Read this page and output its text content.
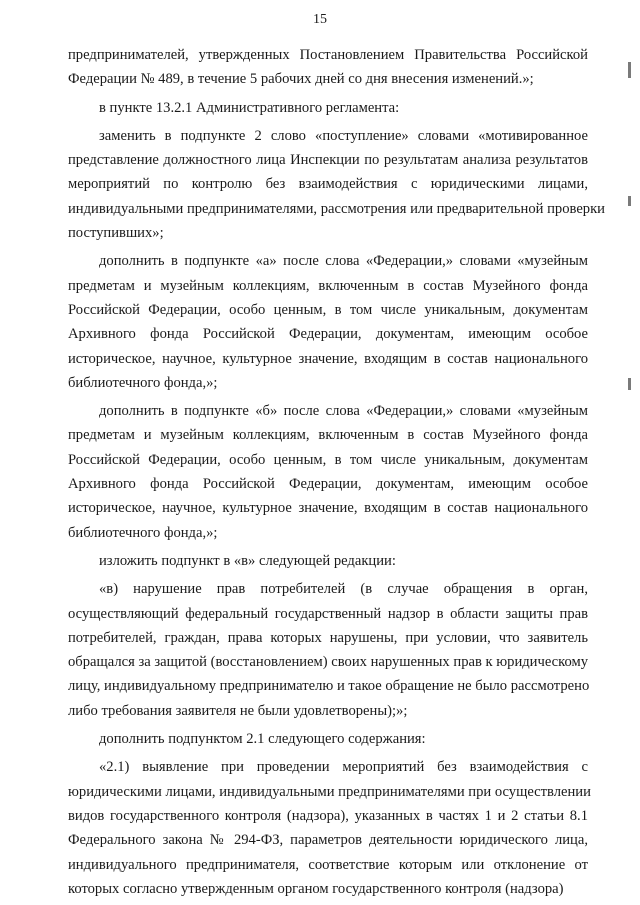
15
предпринимателей, утвержденных Постановлением Правительства Российской
Федерации № 489, в течение 5 рабочих дней со дня внесения изменений.»;
в пункте 13.2.1 Административного регламента:
заменить в подпункте 2 слово «поступление» словами «мотивированное
представление должностного лица Инспекции по результатам анализа результатов
мероприятий по контролю без взаимодействия с юридическими лицами,
индивидуальными предпринимателями, рассмотрения или предварительной проверки
поступивших»;
дополнить в подпункте «а» после слова «Федерации,» словами «музейным
предметам и музейным коллекциям, включенным в состав Музейного фонда
Российской Федерации, особо ценным, в том числе уникальным, документам
Архивного фонда Российской Федерации, документам, имеющим особое
историческое, научное, культурное значение, входящим в состав национального
библиотечного фонда,»;
дополнить в подпункте «б» после слова «Федерации,» словами «музейным
предметам и музейным коллекциям, включенным в состав Музейного фонда
Российской Федерации, особо ценным, в том числе уникальным, документам
Архивного фонда Российской Федерации, документам, имеющим особое
историческое, научное, культурное значение, входящим в состав национального
библиотечного фонда,»;
изложить подпункт в «в» следующей редакции:
«в) нарушение прав потребителей (в случае обращения в орган,
осуществляющий федеральный государственный надзор в области защиты прав
потребителей, граждан, права которых нарушены, при условии, что заявитель
обращался за защитой (восстановлением) своих нарушенных прав к юридическому
лицу, индивидуальному предпринимателю и такое обращение не было рассмотрено
либо требования заявителя не были удовлетворены);»;
дополнить подпунктом 2.1 следующего содержания:
«2.1) выявление при проведении мероприятий без взаимодействия с
юридическими лицами, индивидуальными предпринимателями при осуществлении
видов государственного контроля (надзора), указанных в частях 1 и 2 статьи 8.1
Федерального закона № 294-ФЗ, параметров деятельности юридического лица,
индивидуального предпринимателя, соответствие которым или отклонение от
которых согласно утвержденным органом государственного контроля (надзора)
